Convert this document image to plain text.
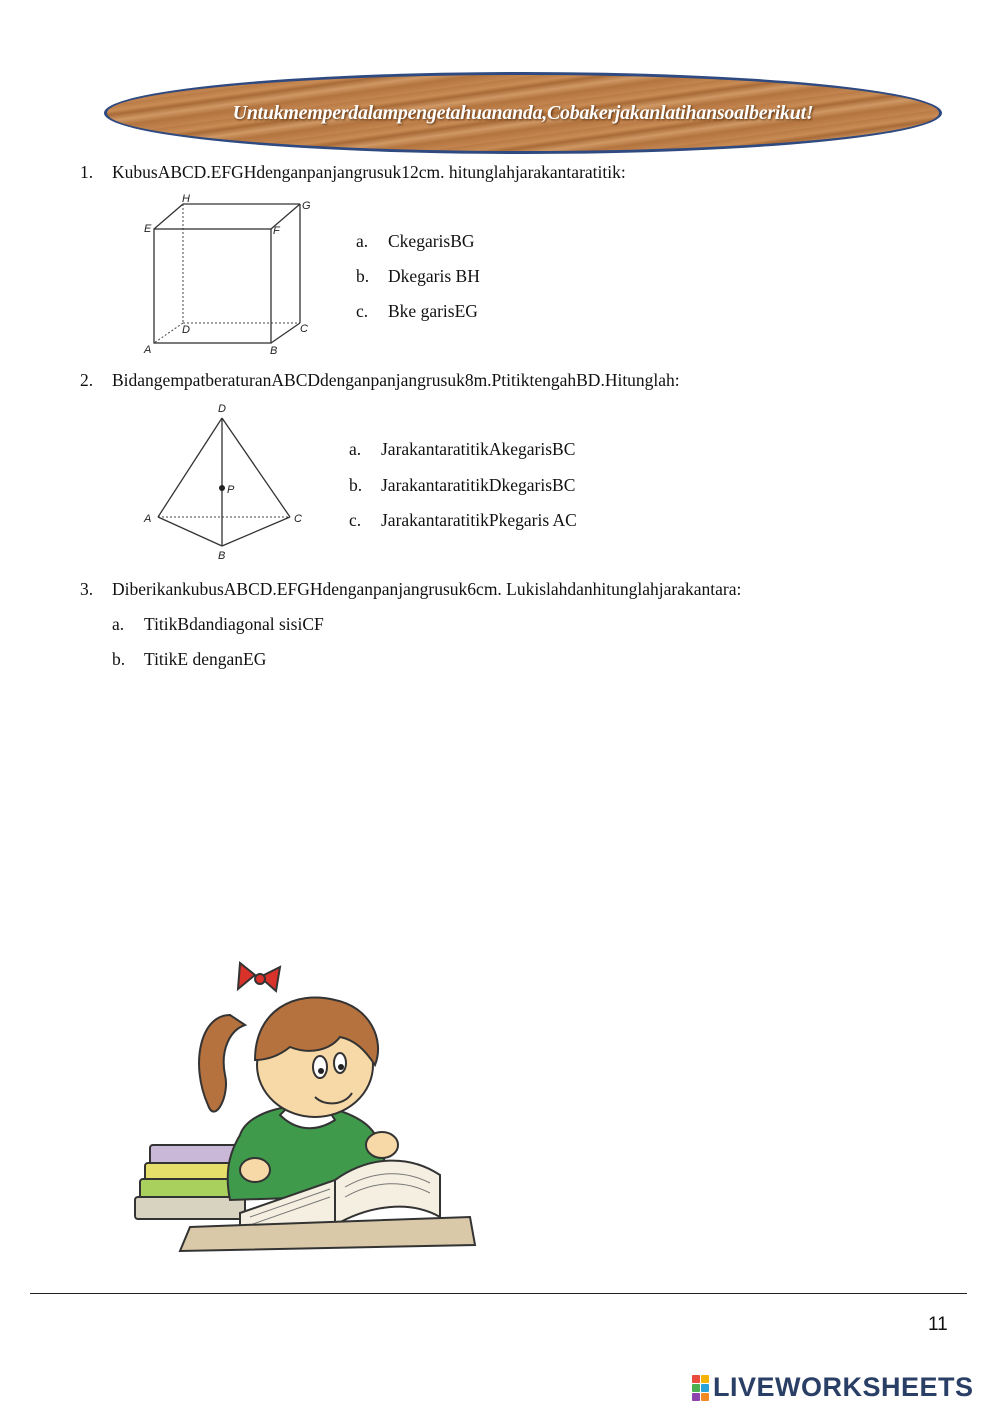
Untukmemperdalampengetahuananda,Cobakerjakanlatihansoalberikut!
1.	KubusABCD.EFGHdenganpanjangrusuk12cm. hitunglahjarakantaratitik:
H
G
E	F
D	C
A	B
a. CkegarisBG
b. Dkegaris BH
c. Bke garisEG
2.	BidangempatberaturanABCDdenganpanjangrusuk8m.PtitiktengahBD.Hitunglah:
D
P
A	C
B
a. JarakantaratitikAkegarisBC
b. JarakantaratitikDkegarisBC
c. JarakantaratitikPkegaris AC
3.	DiberikankubusABCD.EFGHdenganpanjangrusuk6cm. Lukislahdanhitunglahjarakantara:
a. TitikBdandiagonal sisiCF
b. TitikE denganEG
11
LIVEWORKSHEETS
